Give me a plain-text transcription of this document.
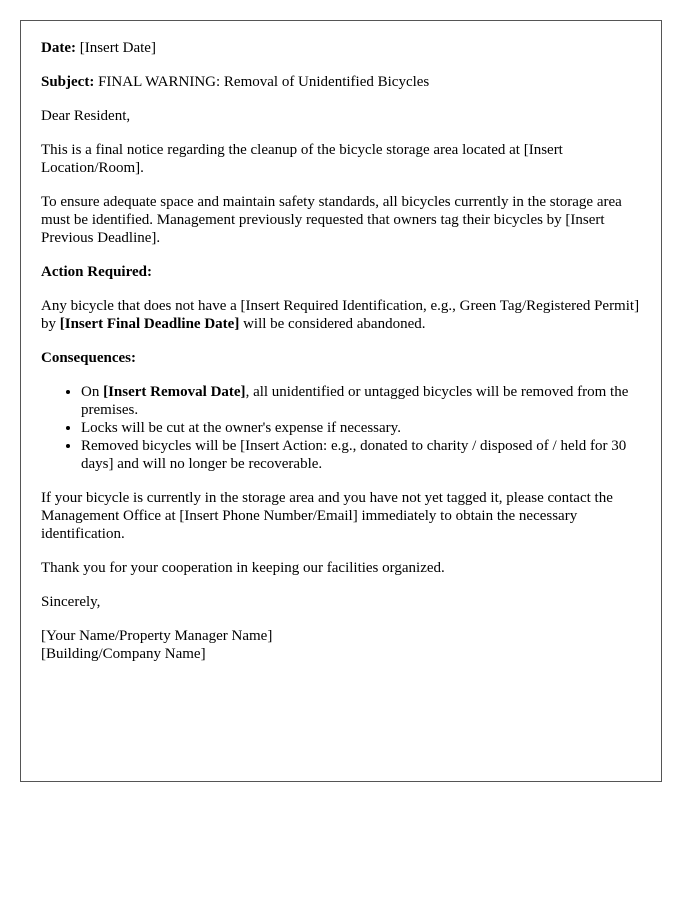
Date: [Insert Date]

Subject: FINAL WARNING: Removal of Unidentified Bicycles

Dear Resident,

This is a final notice regarding the cleanup of the bicycle storage area located at [Insert Location/Room].

To ensure adequate space and maintain safety standards, all bicycles currently in the storage area must be identified. Management previously requested that owners tag their bicycles by [Insert Previous Deadline].

Action Required:

Any bicycle that does not have a [Insert Required Identification, e.g., Green Tag/Registered Permit] by [Insert Final Deadline Date] will be considered abandoned.

Consequences:

• On [Insert Removal Date], all unidentified or untagged bicycles will be removed from the premises.
• Locks will be cut at the owner's expense if necessary.
• Removed bicycles will be [Insert Action: e.g., donated to charity / disposed of / held for 30 days] and will no longer be recoverable.

If your bicycle is currently in the storage area and you have not yet tagged it, please contact the Management Office at [Insert Phone Number/Email] immediately to obtain the necessary identification.

Thank you for your cooperation in keeping our facilities organized.

Sincerely,

[Your Name/Property Manager Name]
[Building/Company Name]
